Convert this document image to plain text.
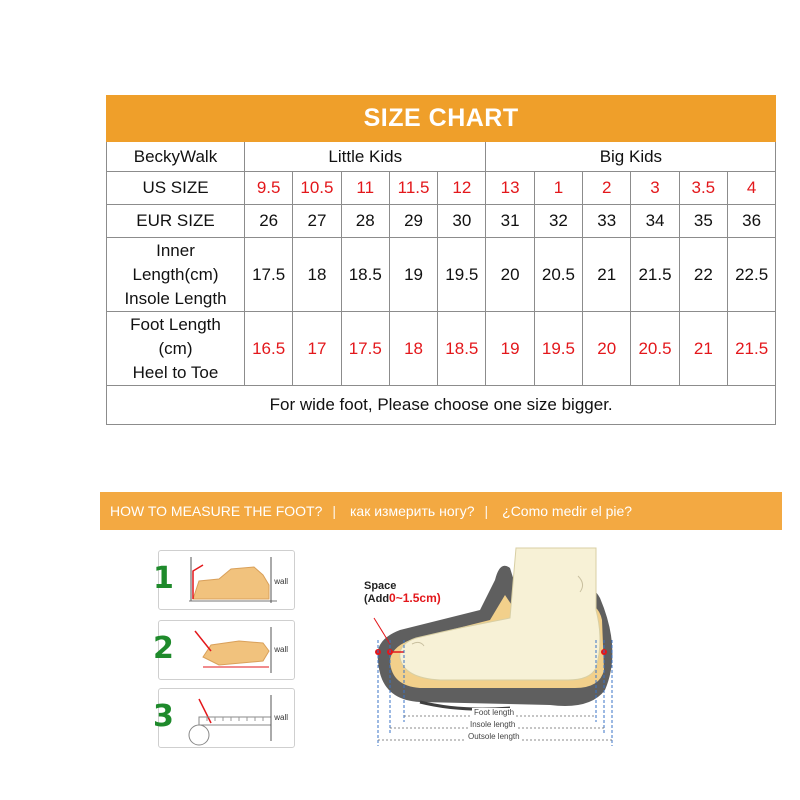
SIZE CHART											
BeckyWalk	Little Kids					Big Kids					
US SIZE	9.5	10.5	11	11.5	12	13	1	2	3	3.5	4
EUR SIZE	26	27	28	29	30	31	32	33	34	35	36

Inner
Length(cm)
Insole Length	17.5	18	18.5	19	19.5	20	20.5	21	21.5	22	22.5

Foot Length
(cm)
Heel to Toe	16.5	17	17.5	18	18.5	19	19.5	20	20.5	21	21.5
For wide foot, Please choose one size bigger.											
HOW TO MEASURE THE FOOT? |	как измерить ногу? |	¿Como medir el pie?
1	wall
2	wall
3	wall
Space
(Add0~1.5cm)
Foot length
Insole length
Outsole length
